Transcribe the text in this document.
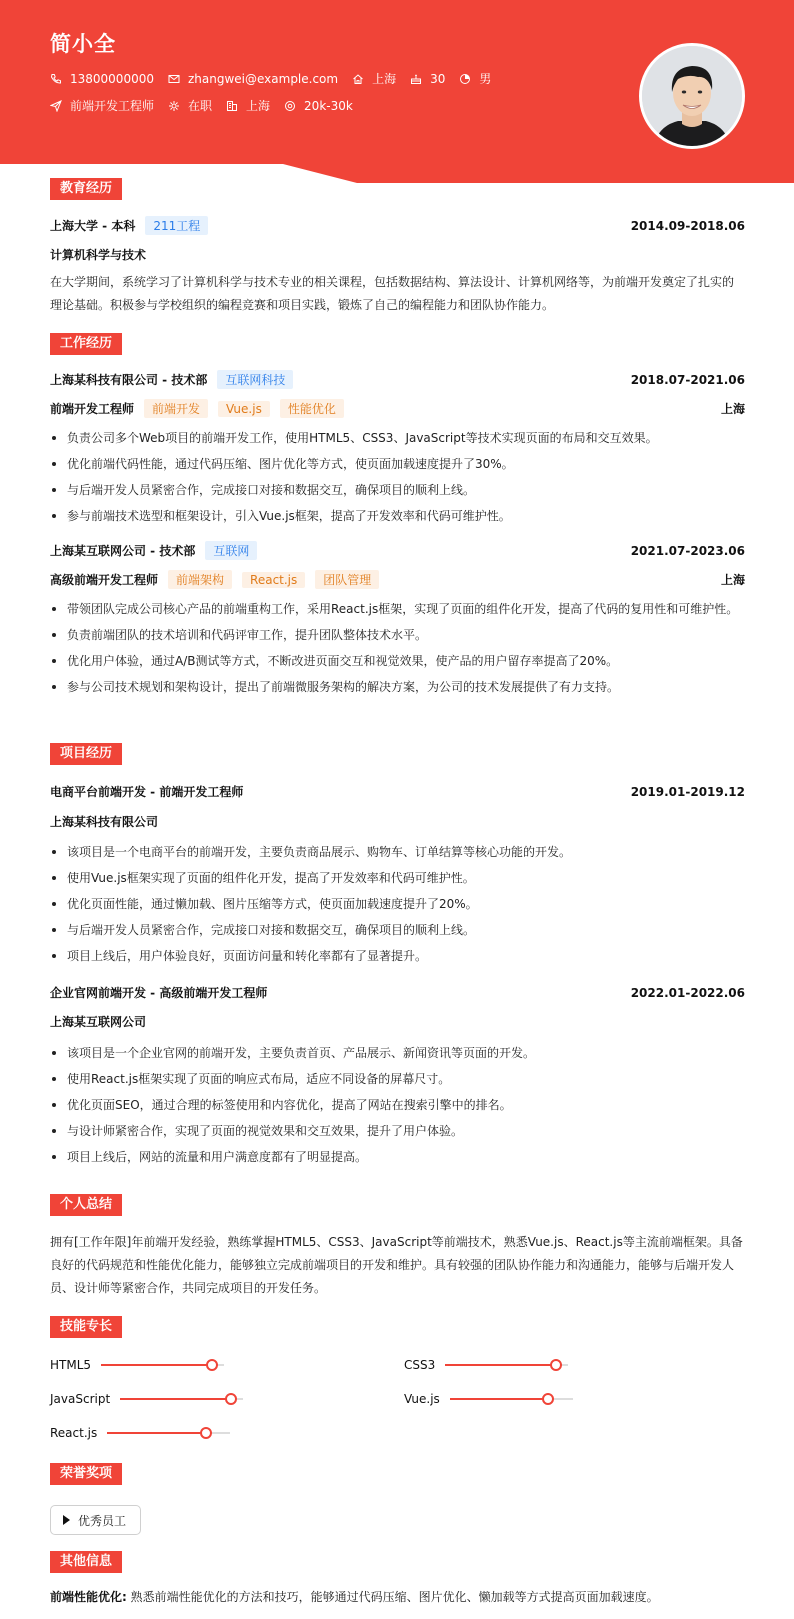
简小全
13800000000	zhangwei@example.com	上海	30	男
前端开发工程师	在职	上海	20k-30k
教育经历
上海大学 - 本科	211工程	2014.09-2018.06
计算机科学与技术
在大学期间，系统学习了计算机科学与技术专业的相关课程，包括数据结构、算法设计、计算机网络等，为前端开发奠定了扎实的理论基础。积极参与学校组织的编程竞赛和项目实践，锻炼了自己的编程能力和团队协作能力。
工作经历
上海某科技有限公司 - 技术部	互联网科技	2018.07-2021.06
前端开发工程师	前端开发	Vue.js	性能优化	上海
负责公司多个Web项目的前端开发工作，使用HTML5、CSS3、JavaScript等技术实现页面的布局和交互效果。
优化前端代码性能，通过代码压缩、图片优化等方式，使页面加载速度提升了30%。
与后端开发人员紧密合作，完成接口对接和数据交互，确保项目的顺利上线。
参与前端技术选型和框架设计，引入Vue.js框架，提高了开发效率和代码可维护性。
上海某互联网公司 - 技术部	互联网	2021.07-2023.06
高级前端开发工程师	前端架构	React.js	团队管理	上海
带领团队完成公司核心产品的前端重构工作，采用React.js框架，实现了页面的组件化开发，提高了代码的复用性和可维护性。
负责前端团队的技术培训和代码评审工作，提升团队整体技术水平。
优化用户体验，通过A/B测试等方式，不断改进页面交互和视觉效果，使产品的用户留存率提高了20%。
参与公司技术规划和架构设计，提出了前端微服务架构的解决方案，为公司的技术发展提供了有力支持。
项目经历
电商平台前端开发 - 前端开发工程师	2019.01-2019.12
上海某科技有限公司
该项目是一个电商平台的前端开发，主要负责商品展示、购物车、订单结算等核心功能的开发。
使用Vue.js框架实现了页面的组件化开发，提高了开发效率和代码可维护性。
优化页面性能，通过懒加载、图片压缩等方式，使页面加载速度提升了20%。
与后端开发人员紧密合作，完成接口对接和数据交互，确保项目的顺利上线。
项目上线后，用户体验良好，页面访问量和转化率都有了显著提升。
企业官网前端开发 - 高级前端开发工程师	2022.01-2022.06
上海某互联网公司
该项目是一个企业官网的前端开发，主要负责首页、产品展示、新闻资讯等页面的开发。
使用React.js框架实现了页面的响应式布局，适应不同设备的屏幕尺寸。
优化页面SEO，通过合理的标签使用和内容优化，提高了网站在搜索引擎中的排名。
与设计师紧密合作，实现了页面的视觉效果和交互效果，提升了用户体验。
项目上线后，网站的流量和用户满意度都有了明显提高。
个人总结
拥有[工作年限]年前端开发经验，熟练掌握HTML5、CSS3、JavaScript等前端技术，熟悉Vue.js、React.js等主流前端框架。具备良好的代码规范和性能优化能力，能够独立完成前端项目的开发和维护。具有较强的团队协作能力和沟通能力，能够与后端开发人员、设计师等紧密合作，共同完成项目的开发任务。
技能专长
HTML5	CSS3
JavaScript	Vue.js
React.js
荣誉奖项
优秀员工
其他信息
前端性能优化: 熟悉前端性能优化的方法和技巧，能够通过代码压缩、图片优化、懒加载等方式提高页面加载速度。
